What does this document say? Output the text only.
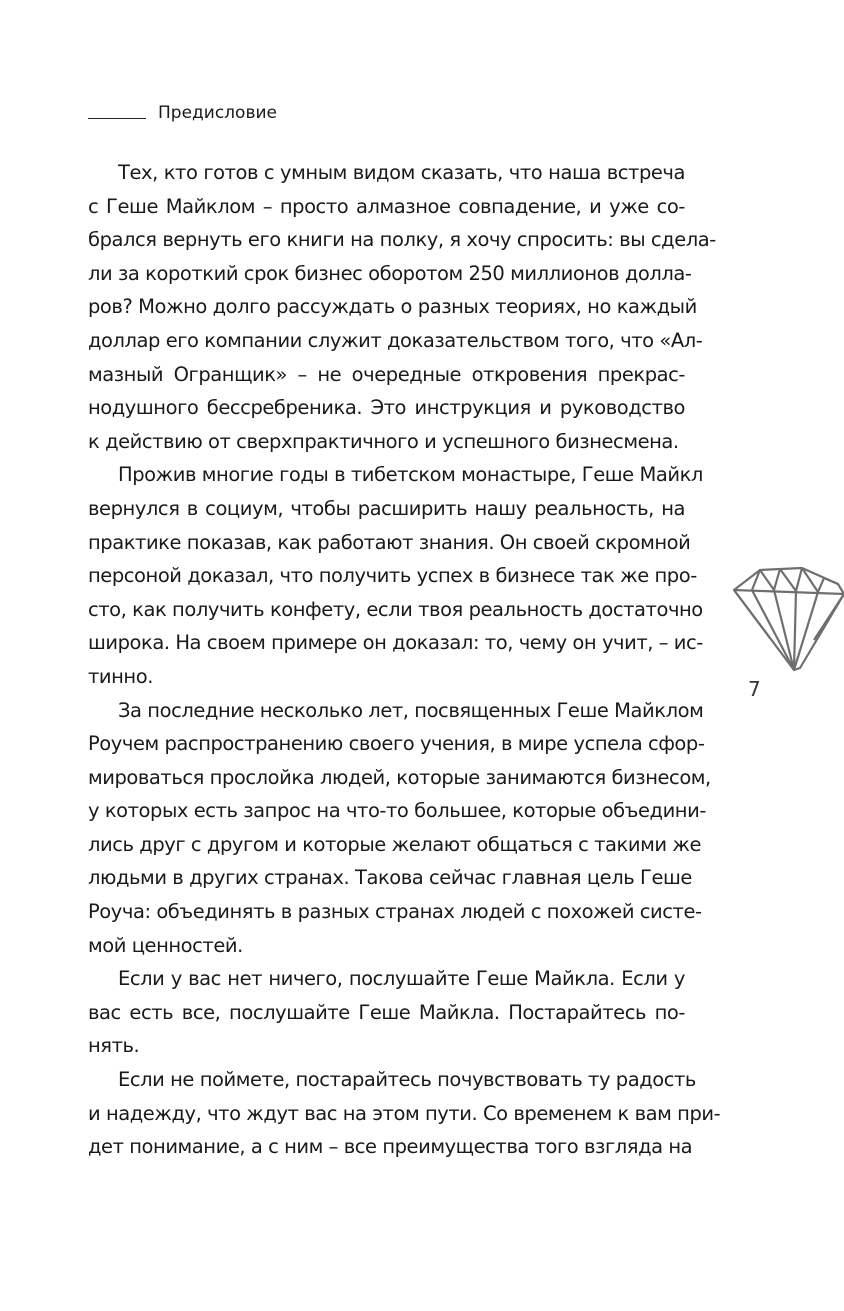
Предисловие
Тех, кто готов с умным видом сказать, что наша встреча
с Геше Майклом – просто алмазное совпадение, и уже со-
брался вернуть его книги на полку, я хочу спросить: вы сделa-
ли за короткий срок бизнес оборотом 250 миллионов долла-
ров? Можно долго рассуждать о разных теориях, но каждый
доллар его компании служит доказательством того, что «Ал-
мазный Огранщик» – не очередные откровения прекрас-
нодушного бессребреника. Это инструкция и руководство
к действию от сверхпрактичного и успешного бизнесмена.
Прожив многие годы в тибетском монастыре, Геше Майкл
вернулся в социум, чтобы расширить нашу реальность, на
практике показав, как работают знания. Он своей скромной
персоной доказал, что получить успех в бизнесе так же про-
сто, как получить конфету, если твоя реальность достаточно
широка. На своем примере он доказал: то, чему он учит, – ис-
тинно.
За последние несколько лет, посвященных Геше Майклом
Роучем распространению своего учения, в мире успела сфор-
мироваться прослойка людей, которые занимаются бизнесом,
у которых есть запрос на что-то большее, которые объедини-
лись друг с другом и которые желают общаться с такими же
людьми в других странах. Такова сейчас главная цель Геше
Роуча: объединять в разных странах людей с похожей систе-
мой ценностей.
Если у вас нет ничего, послушайте Геше Майкла. Если у
вас есть все, послушайте Геше Майкла. Постарайтесь по-
нять.
Если не поймете, постарайтесь почувствовать ту радость
и надежду, что ждут вас на этом пути. Со временем к вам при-
дет понимание, а с ним – все преимущества того взгляда на
7
